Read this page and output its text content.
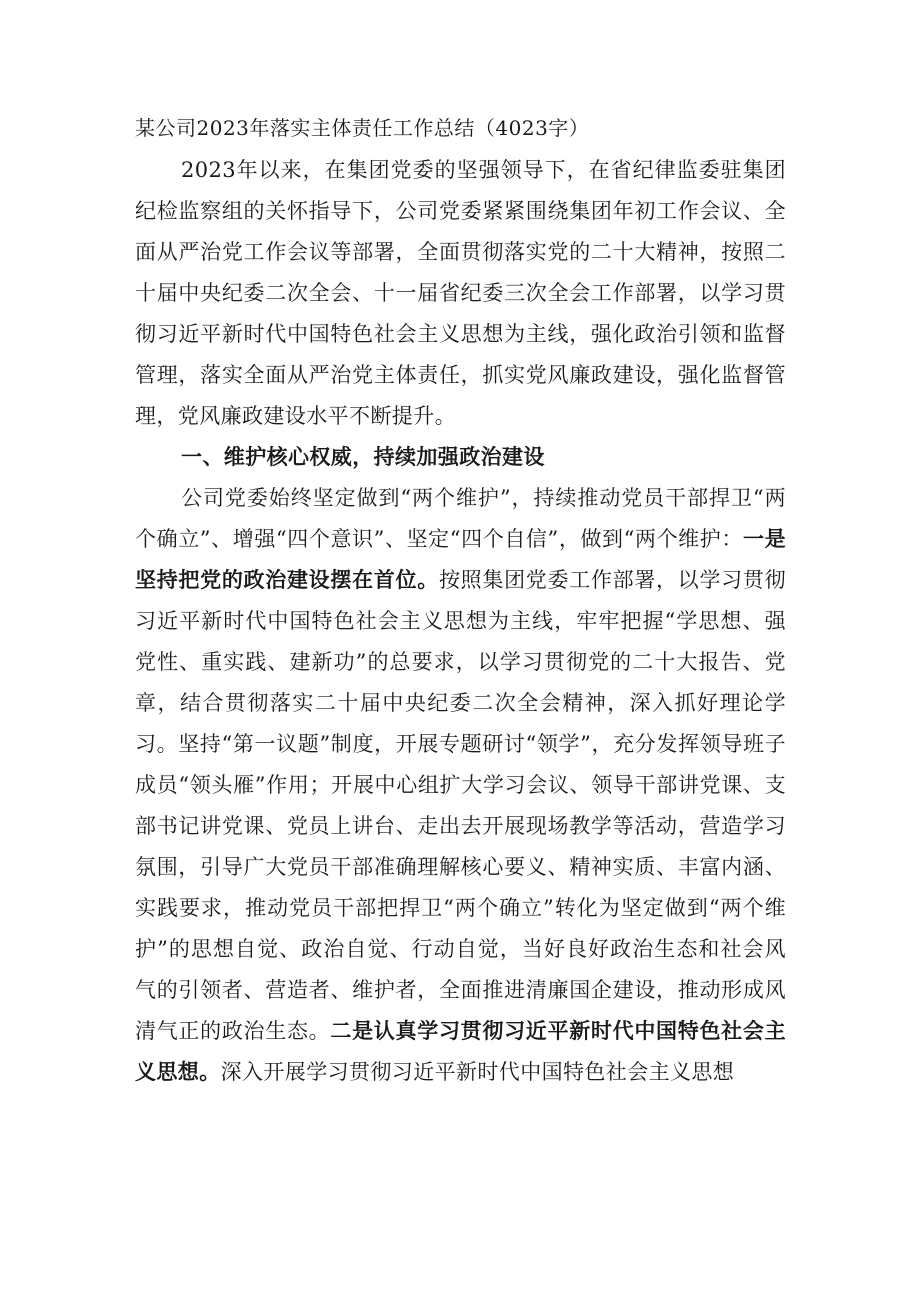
某公司2023年落实主体责任工作总结（4023字）

2023年以来，在集团党委的坚强领导下，在省纪律监委驻集团纪检监察组的关怀指导下，公司党委紧紧围绕集团年初工作会议、全面从严治党工作会议等部署，全面贯彻落实党的二十大精神，按照二十届中央纪委二次全会、十一届省纪委三次全会工作部署，以学习贯彻习近平新时代中国特色社会主义思想为主线，强化政治引领和监督管理，落实全面从严治党主体责任，抓实党风廉政建设，强化监督管理，党风廉政建设水平不断提升。

一、维护核心权威，持续加强政治建设

公司党委始终坚定做到“两个维护”，持续推动党员干部捍卫“两个确立”、增强“四个意识”、坚定“四个自信”，做到“两个维护：一是坚持把党的政治建设摆在首位。按照集团党委工作部署，以学习贯彻习近平新时代中国特色社会主义思想为主线，牢牢把握“学思想、强党性、重实践、建新功”的总要求，以学习贯彻党的二十大报告、党章，结合贯彻落实二十届中央纪委二次全会精神，深入抓好理论学习。坚持“第一议题”制度，开展专题研讨“领学”，充分发挥领导班子成员“领头雁”作用；开展中心组扩大学习会议、领导干部讲党课、支部书记讲党课、党员上讲台、走出去开展现场教学等活动，营造学习氛围，引导广大党员干部准确理解核心要义、精神实质、丰富内涵、实践要求，推动党员干部把捍卫“两个确立”转化为坚定做到“两个维护”的思想自觉、政治自觉、行动自觉，当好良好政治生态和社会风气的引领者、营造者、维护者，全面推进清廉国企建设，推动形成风清气正的政治生态。二是认真学习贯彻习近平新时代中国特色社会主义思想。深入开展学习贯彻习近平新时代中国特色社会主义思想
